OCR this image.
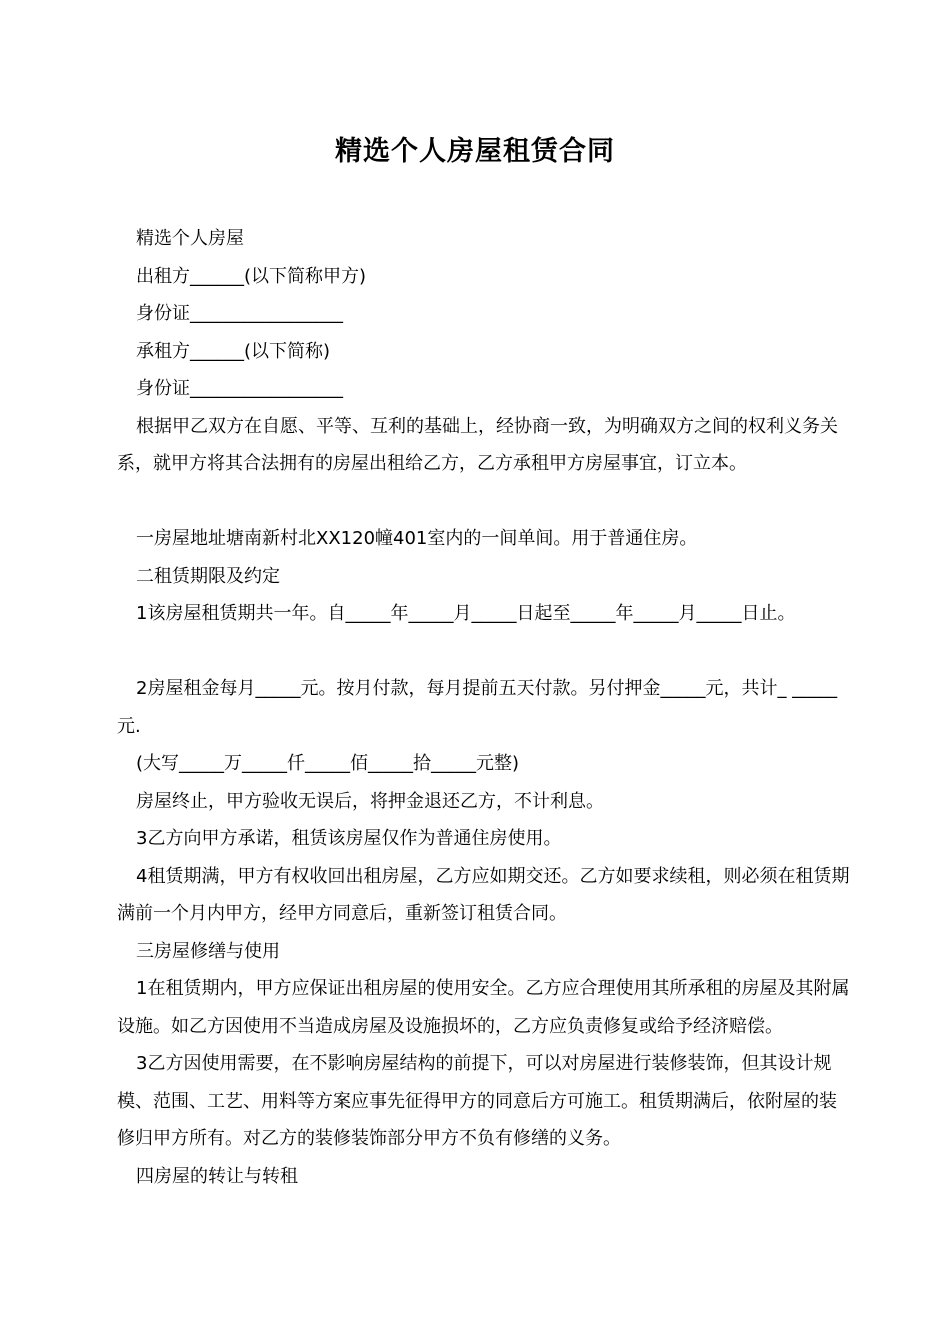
精选个人房屋租赁合同

精选个人房屋

出租方______(以下简称甲方)

身份证_________________

承租方______(以下简称)

身份证_________________

根据甲乙双方在自愿、平等、互利的基础上，经协商一致，为明确双方之间的权利义务关系，就甲方将其合法拥有的房屋出租给乙方，乙方承租甲方房屋事宜，订立本。

一房屋地址塘南新村北XX120幢401室内的一间单间。用于普通住房。

二租赁期限及约定

1该房屋租赁期共一年。自_____年_____月_____日起至_____年_____月_____日止。

2房屋租金每月_____元。按月付款，每月提前五天付款。另付押金_____元，共计_ _____元.

(大写_____万_____仟_____佰_____拾_____元整)

房屋终止，甲方验收无误后，将押金退还乙方，不计利息。

3乙方向甲方承诺，租赁该房屋仅作为普通住房使用。

4租赁期满，甲方有权收回出租房屋，乙方应如期交还。乙方如要求续租，则必须在租赁期满前一个月内甲方，经甲方同意后，重新签订租赁合同。

三房屋修缮与使用

1在租赁期内，甲方应保证出租房屋的使用安全。乙方应合理使用其所承租的房屋及其附属设施。如乙方因使用不当造成房屋及设施损坏的，乙方应负责修复或给予经济赔偿。

3乙方因使用需要，在不影响房屋结构的前提下，可以对房屋进行装修装饰，但其设计规模、范围、工艺、用料等方案应事先征得甲方的同意后方可施工。租赁期满后，依附屋的装修归甲方所有。对乙方的装修装饰部分甲方不负有修缮的义务。

四房屋的转让与转租
